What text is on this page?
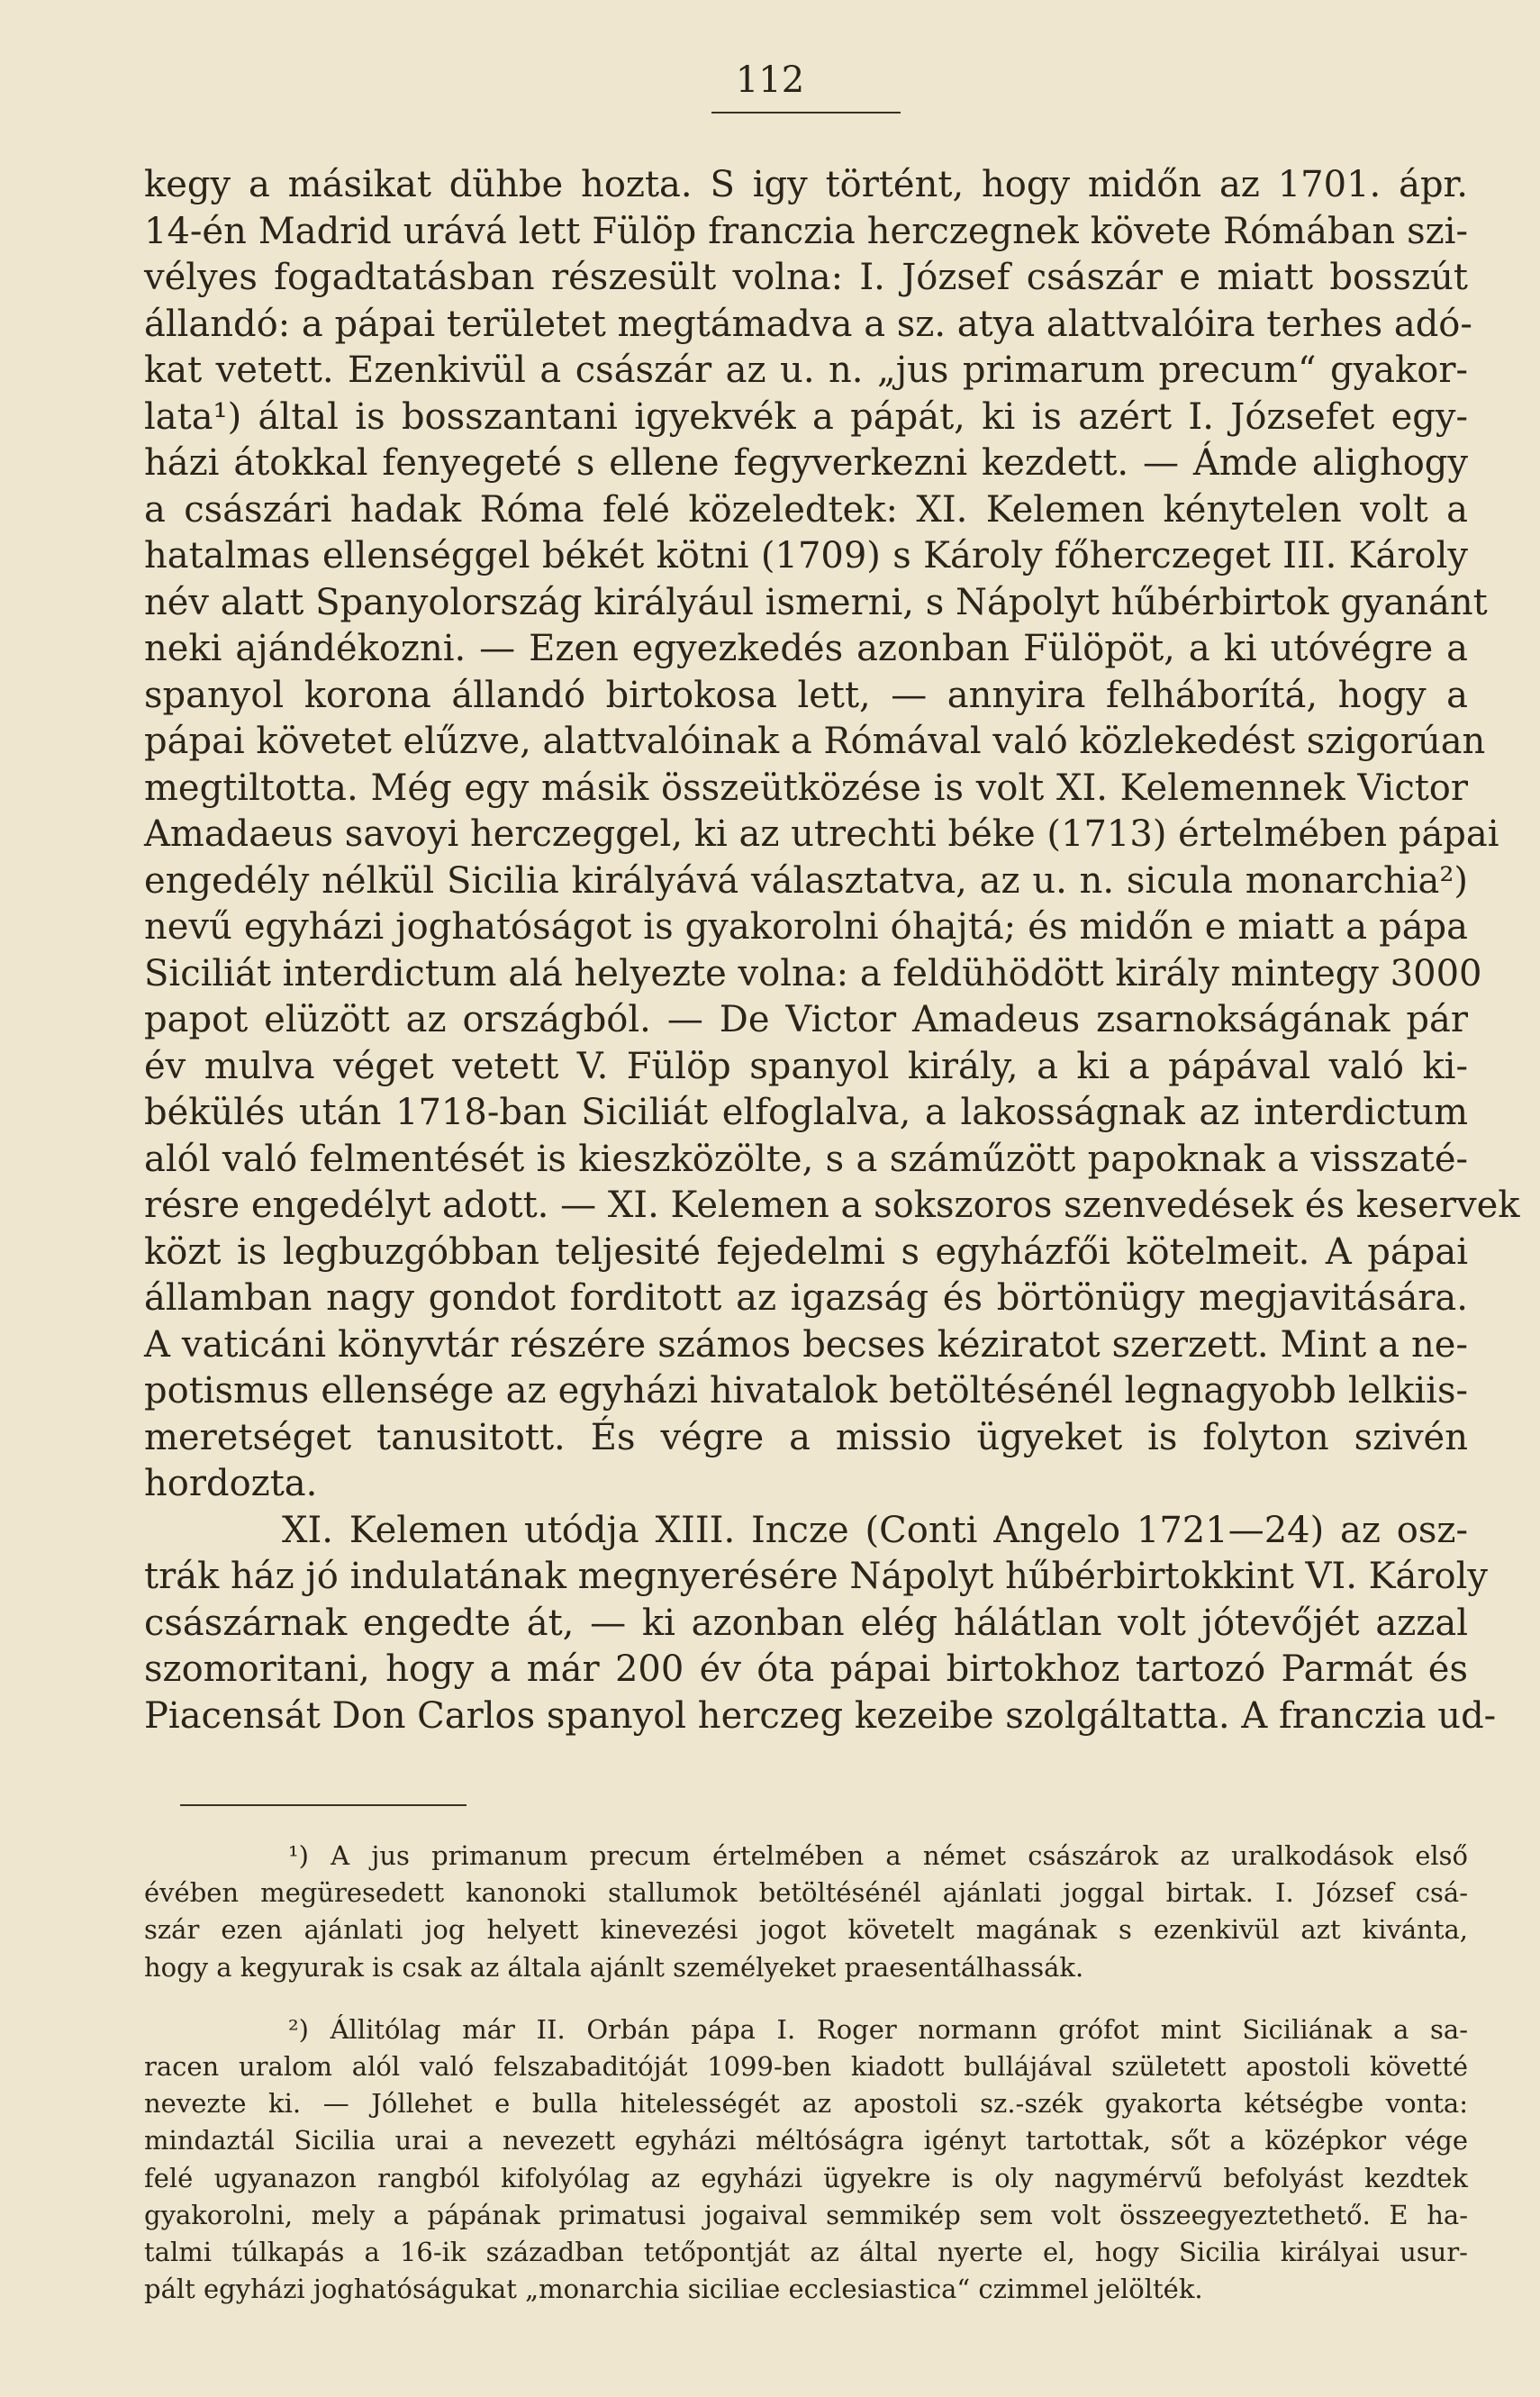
112
kegy a másikat dühbe hozta. S igy történt, hogy midőn az 1701. ápr.
14-én Madrid urává lett Fülöp franczia herczegnek követe Rómában szi-
vélyes fogadtatásban részesült volna: I. József császár e miatt bosszút
állandó: a pápai területet megtámadva a sz. atya alattvalóira terhes adó-
kat vetett. Ezenkivül a császár az u. n. „jus primarum precum“ gyakor-
lata¹) által is bosszantani igyekvék a pápát, ki is azért I. Józsefet egy-
házi átokkal fenyegeté s ellene fegyverkezni kezdett. — Ámde alighogy
a császári hadak Róma felé közeledtek: XI. Kelemen kénytelen volt a
hatalmas ellenséggel békét kötni (1709) s Károly főherczeget III. Károly
név alatt Spanyolország királyául ismerni, s Nápolyt hűbérbirtok gyanánt
neki ajándékozni. — Ezen egyezkedés azonban Fülöpöt, a ki utóvégre a
spanyol korona állandó birtokosa lett, — annyira felháborítá, hogy a
pápai követet elűzve, alattvalóinak a Rómával való közlekedést szigorúan
megtiltotta. Még egy másik összeütközése is volt XI. Kelemennek Victor
Amadaeus savoyi herczeggel, ki az utrechti béke (1713) értelmében pápai
engedély nélkül Sicilia királyává választatva, az u. n. sicula monarchia²)
nevű egyházi joghatóságot is gyakorolni óhajtá; és midőn e miatt a pápa
Siciliát interdictum alá helyezte volna: a feldühödött király mintegy 3000
papot elüzött az országból. — De Victor Amadeus zsarnokságának pár
év mulva véget vetett V. Fülöp spanyol király, a ki a pápával való ki-
békülés után 1718-ban Siciliát elfoglalva, a lakosságnak az interdictum
alól való felmentését is kieszközölte, s a száműzött papoknak a visszaté-
résre engedélyt adott. — XI. Kelemen a sokszoros szenvedések és keservek
közt is legbuzgóbban teljesité fejedelmi s egyházfői kötelmeit. A pápai
államban nagy gondot forditott az igazság és börtönügy megjavitására.
A vaticáni könyvtár részére számos becses kéziratot szerzett. Mint a ne-
potismus ellensége az egyházi hivatalok betöltésénél legnagyobb lelkiis-
meretséget tanusitott. És végre a missio ügyeket is folyton szivén
hordozta.
XI. Kelemen utódja XIII. Incze (Conti Angelo 1721—24) az osz-
trák ház jó indulatának megnyerésére Nápolyt hűbérbirtokkint VI. Károly
császárnak engedte át, — ki azonban elég hálátlan volt jótevőjét azzal
szomoritani, hogy a már 200 év óta pápai birtokhoz tartozó Parmát és
Piacensát Don Carlos spanyol herczeg kezeibe szolgáltatta. A franczia ud-
¹) A jus primanum precum értelmében a német császárok az uralkodások első
évében megüresedett kanonoki stallumok betöltésénél ajánlati joggal birtak. I. József csá-
szár ezen ajánlati jog helyett kinevezési jogot követelt magának s ezenkivül azt kivánta,
hogy a kegyurak is csak az általa ajánlt személyeket praesentálhassák.
²) Állitólag már II. Orbán pápa I. Roger normann grófot mint Siciliának a sa-
racen uralom alól való felszabaditóját 1099-ben kiadott bullájával született apostoli követté
nevezte ki. — Jóllehet e bulla hitelességét az apostoli sz.-szék gyakorta kétségbe vonta:
mindaztál Sicilia urai a nevezett egyházi méltóságra igényt tartottak, sőt a középkor vége
felé ugyanazon rangból kifolyólag az egyházi ügyekre is oly nagymérvű befolyást kezdtek
gyakorolni, mely a pápának primatusi jogaival semmikép sem volt összeegyeztethető. E ha-
talmi túlkapás a 16-ik században tetőpontját az által nyerte el, hogy Sicilia királyai usur-
pált egyházi joghatóságukat „monarchia siciliae ecclesiastica“ czimmel jelölték.
